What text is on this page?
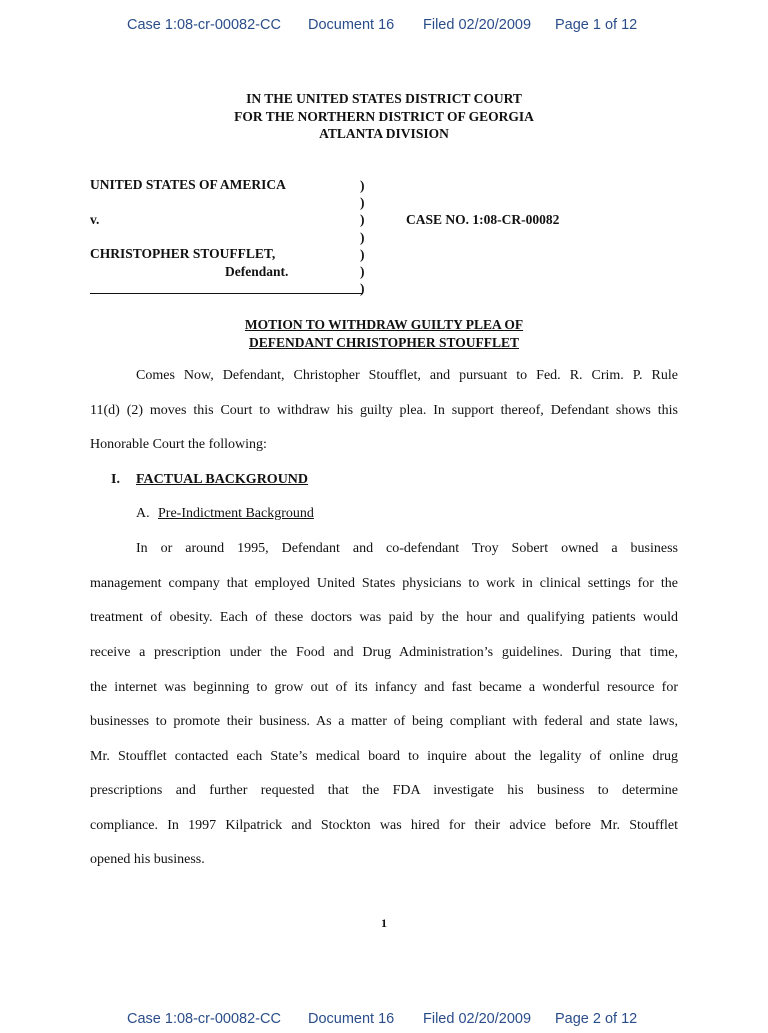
Case 1:08-cr-00082-CC Document 16 Filed 02/20/2009 Page 1 of 12
IN THE UNITED STATES DISTRICT COURT
FOR THE NORTHERN DISTRICT OF GEORGIA
ATLANTA DIVISION
UNITED STATES OF AMERICA
v.
CHRISTOPHER STOUFFLET,
Defendant.
CASE NO. 1:08-CR-00082
)
)
)
)
)
)
)
MOTION TO WITHDRAW GUILTY PLEA OF
DEFENDANT CHRISTOPHER STOUFFLET
Comes Now, Defendant, Christopher Stoufflet, and pursuant to Fed. R. Crim. P. Rule
11(d) (2) moves this Court to withdraw his guilty plea. In support thereof, Defendant shows this
Honorable Court the following:
I. FACTUAL BACKGROUND
A. Pre-Indictment Background
In or around 1995, Defendant and co-defendant Troy Sobert owned a business
management company that employed United States physicians to work in clinical settings for the
treatment of obesity. Each of these doctors was paid by the hour and qualifying patients would
receive a prescription under the Food and Drug Administration’s guidelines. During that time,
the internet was beginning to grow out of its infancy and fast became a wonderful resource for
businesses to promote their business. As a matter of being compliant with federal and state laws,
Mr. Stoufflet contacted each State’s medical board to inquire about the legality of online drug
prescriptions and further requested that the FDA investigate his business to determine
compliance. In 1997 Kilpatrick and Stockton was hired for their advice before Mr. Stoufflet
opened his business.
1
Case 1:08-cr-00082-CC Document 16 Filed 02/20/2009 Page 2 of 12
